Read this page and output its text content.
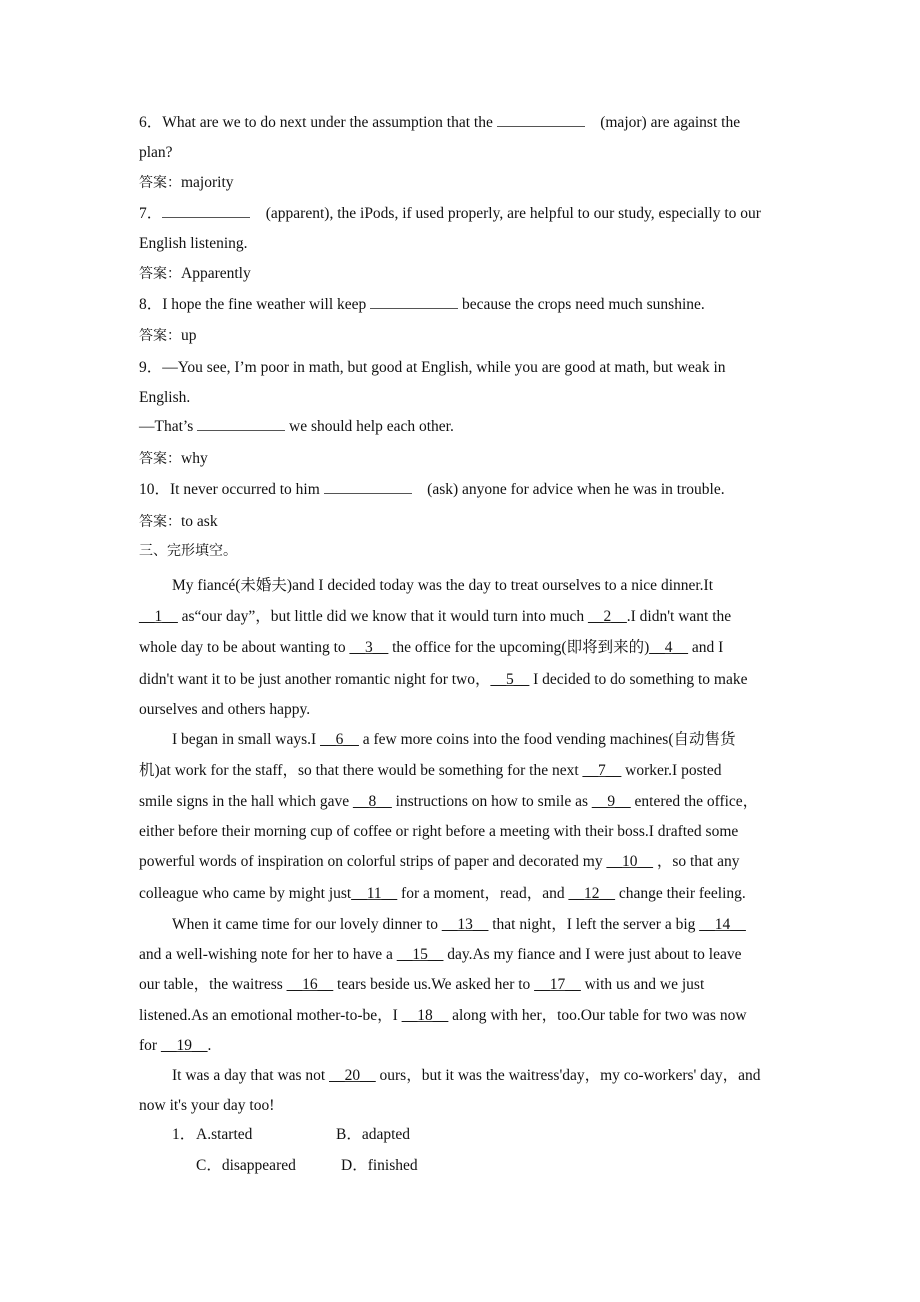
6．What are we to do next under the assumption that the	(major) are against the
plan?
答案：majority
7．	(apparent), the iPods, if used properly, are helpful to our study, especially to our
English listening.
答案：Apparently
8．I hope the fine weather will keep	because the crops need much sunshine.
答案：up
9．—You see, I’m poor in math, but good at English, while you are good at math, but weak in
English.
—That’s	we should help each other.
答案：why
10．It never occurred to him	(ask) anyone for advice when he was in trouble.
答案：to ask
三、完形填空。
My fiancé(未婚夫)and I decided today was the day to treat ourselves to a nice dinner.It
__1__ as“our day”，but little did we know that it would turn into much __2__.I didn't want the
whole day to be about wanting to __3__ the office for the upcoming(即将到来的)__4__ and I
didn't want it to be just another romantic night for two，__5__ I decided to do something to make
ourselves and others happy.
I began in small ways.I __6__ a few more coins into the food vending machines(自动售货
机)at work for the staff，so that there would be something for the next __7__ worker.I posted
smile signs in the hall which gave __8__ instructions on how to smile as __9__ entered the office，
either before their morning cup of coffee or right before a meeting with their boss.I drafted some
powerful words of inspiration on colorful strips of paper and decorated my __10__ ，so that any
colleague who came by might just__11__ for a moment，read，and __12__ change their feeling.
When it came time for our lovely dinner to __13__ that night，I left the server a big __14__
and a well-wishing note for her to have a __15__ day.As my fiance and I were just about to leave
our table，the waitress __16__ tears beside us.We asked her to __17__ with us and we just
listened.As an emotional mother-to-be，I __18__ along with her，too.Our table for two was now
for __19__.
It was a day that was not __20__ ours，but it was the waitress'day，my co-workers' day，and
now it's your day too!
1． A.started	B．adapted
C．disappeared	D．finished
